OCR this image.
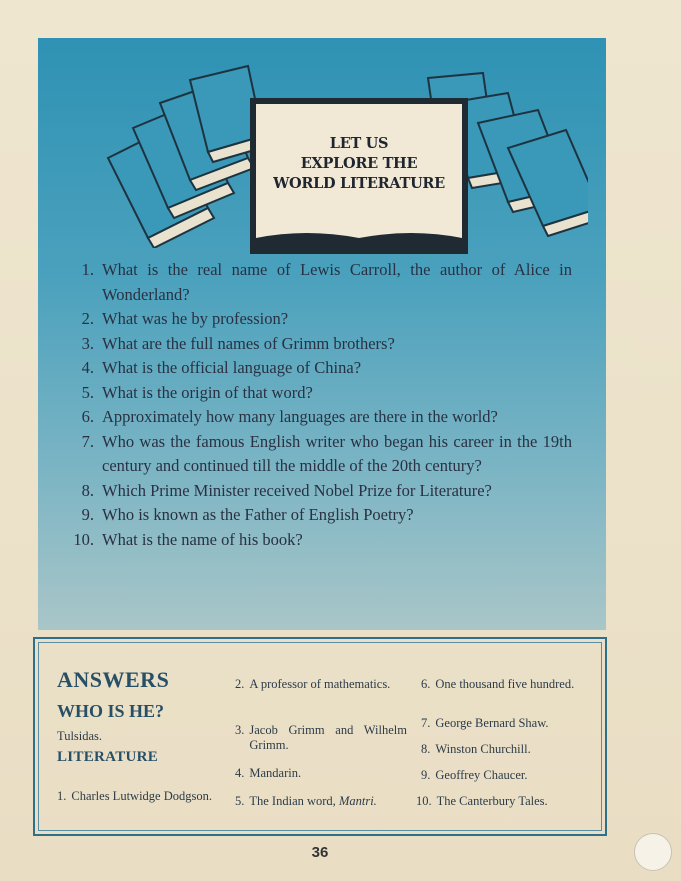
LET US
EXPLORE THE
WORLD LITERATURE
1. What is the real name of Lewis Carroll, the author of Alice in Wonderland?
2. What was he by profession?
3. What are the full names of Grimm brothers?
4. What is the official language of China?
5. What is the origin of that word?
6. Approximately how many languages are there in the world?
7. Who was the famous English writer who began his career in the 19th century and continued till the middle of the 20th century?
8. Which Prime Minister received Nobel Prize for Literature?
9. Who is known as the Father of English Poetry?
10. What is the name of his book?
ANSWERS
WHO IS HE?
Tulsidas.
LITERATURE
1. Charles Lutwidge Dodgson.
2. A professor of mathematics.
3. Jacob Grimm and Wilhelm Grimm.
4. Mandarin.
5. The Indian word, Mantri.
6. One thousand five hundred.
7. George Bernard Shaw.
8. Winston Churchill.
9. Geoffrey Chaucer.
10. The Canterbury Tales.
36
